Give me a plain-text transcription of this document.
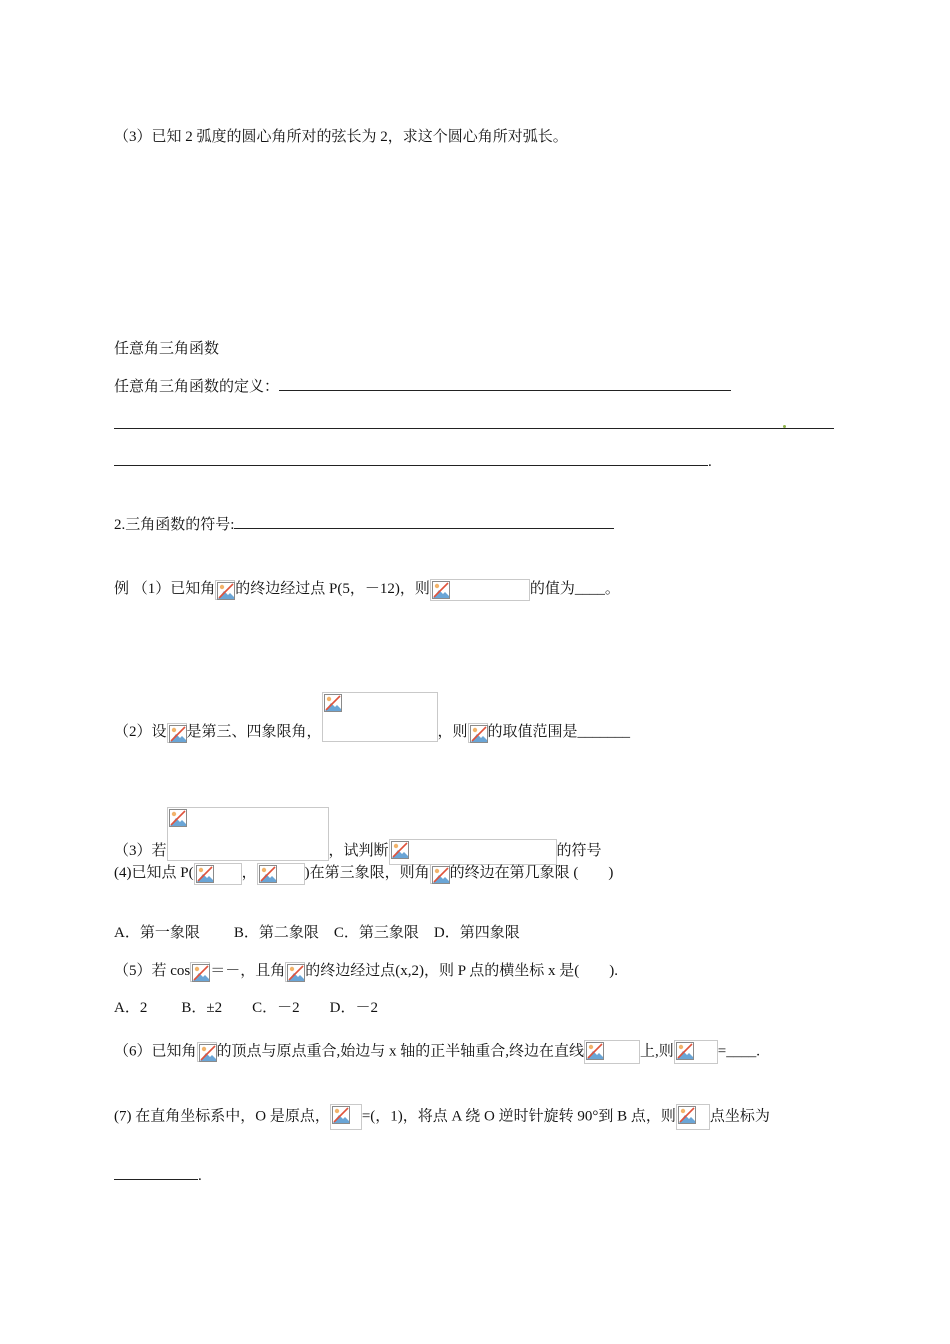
（3）已知 2 弧度的圆心角所对的弦长为 2，求这个圆心角所对弧长。
任意角三角函数
任意角三角函数的定义：
.
2.三角函数的符号:
例 （1）已知角 的终边经过点 P(5，－12)，则	的值为____。
（2）设 是第三、四象限角，	，则 的取值范围是_______
（3）若	，试判断	的符号
(4)已知点 P(	，	)在第三象限，则角 的终边在第几象限 (　　)
A．第一象限 B．第二象限 C．第三象限 D．第四象限
（5）若 cos ＝－，且角 的终边经过点(x,2)，则 P 点的横坐标 x 是(　　).
A．2 B．±2 C．－2 D．－2
（6）已知角 的顶点与原点重合,始边与 x 轴的正半轴重合,终边在直线	上,则	=____.
(7) 在直角坐标系中，O 是原点， =(，1)，将点 A 绕 O 逆时针旋转 90°到 B 点，则 点坐标为
.
